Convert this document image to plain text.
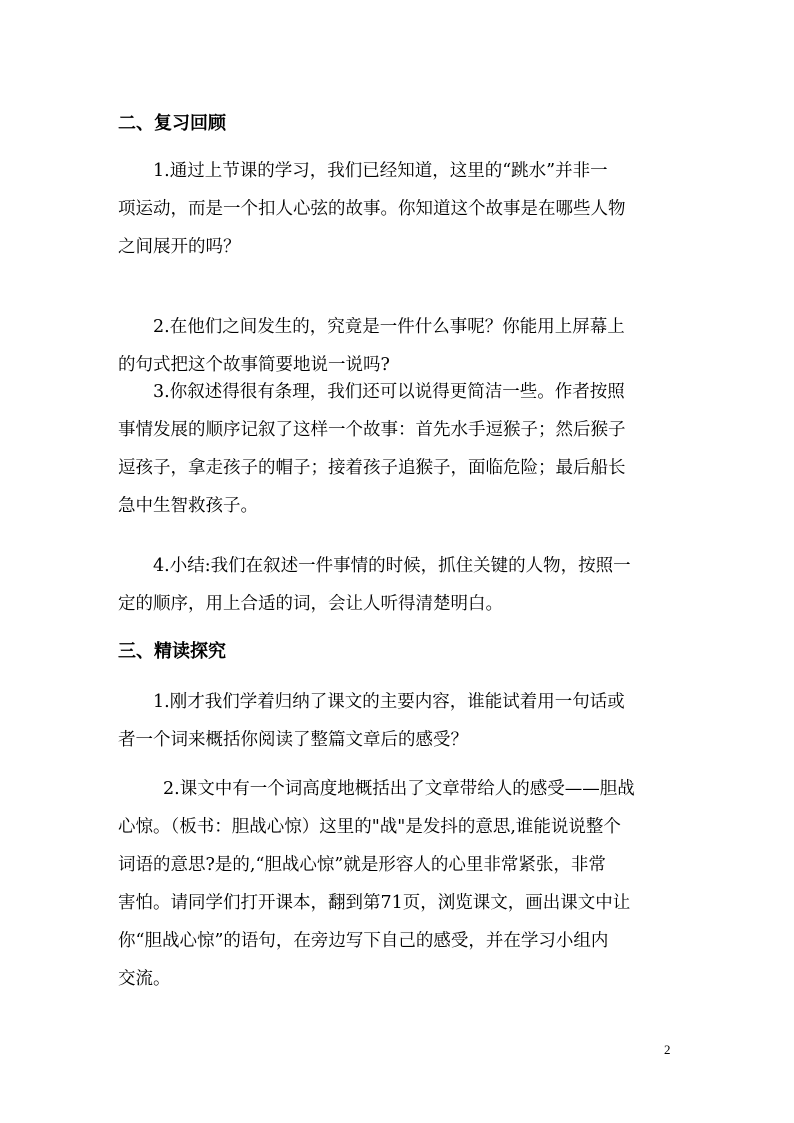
二、复习回顾
1.通过上节课的学习，我们已经知道，这里的“跳水”并非一
项运动，而是一个扣人心弦的故事。你知道这个故事是在哪些人物
之间展开的吗？
2.在他们之间发生的，究竟是一件什么事呢？你能用上屏幕上
的句式把这个故事简要地说一说吗?
3.你叙述得很有条理，我们还可以说得更简洁一些。作者按照
事情发展的顺序记叙了这样一个故事：首先水手逗猴子；然后猴子
逗孩子，拿走孩子的帽子；接着孩子追猴子，面临危险；最后船长
急中生智救孩子。
4.小结:我们在叙述一件事情的时候，抓住关键的人物，按照一
定的顺序，用上合适的词，会让人听得清楚明白。
三、精读探究
1.刚才我们学着归纳了课文的主要内容，谁能试着用一句话或
者一个词来概括你阅读了整篇文章后的感受？
2.课文中有一个词高度地概括出了文章带给人的感受——胆战
心惊。（板书：胆战心惊）这里的"战"是发抖的意思,谁能说说整个
词语的意思?是的,“胆战心惊”就是形容人的心里非常紧张，非常
害怕。请同学们打开课本，翻到第71页，浏览课文，画出课文中让
你“胆战心惊”的语句，在旁边写下自己的感受，并在学习小组内
交流。
2
